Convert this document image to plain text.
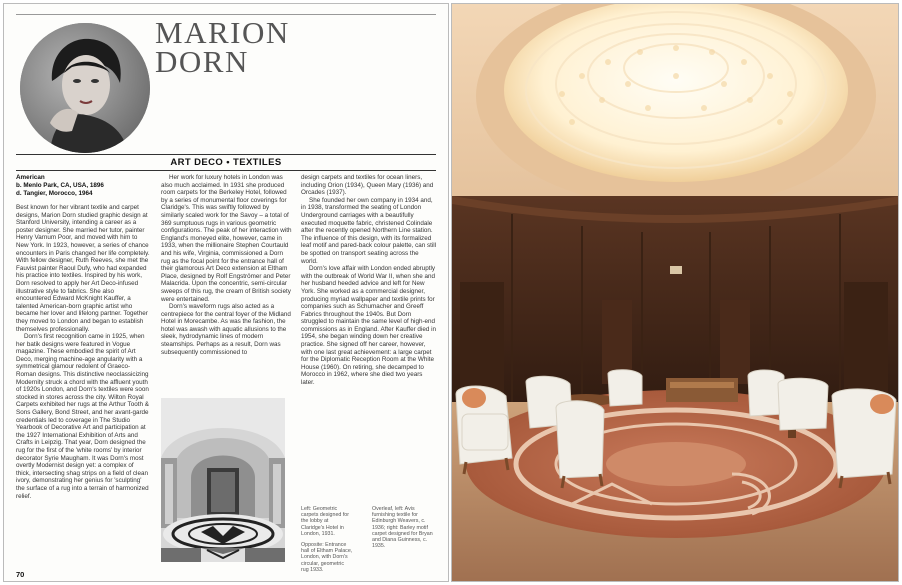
MARION
DORN
ART DECO • TEXTILES
American
b. Menlo Park, CA, USA, 1896
d. Tangier, Morocco, 1964

Best known for her vibrant textile and carpet designs, Marion Dorn studied graphic design at Stanford University, intending a career as a poster designer. She married her tutor, painter Henry Varnum Poor, and moved with him to New York. In 1923, however, a series of chance encounters in Paris changed her life completely. With fellow designer, Ruth Reeves, she met the Fauvist painter Raoul Dufy, who had expanded his practice into textiles. Inspired by his work, Dorn resolved to apply her Art Deco-infused illustrative style to fabrics. She also encountered Edward McKnight Kauffer, a talented American-born graphic artist who became her lover and lifelong partner. Together they moved to London and began to establish themselves professionally.

Dorn's first recognition came in 1925, when her batik designs were featured in Vogue magazine. These embodied the spirit of Art Deco, merging machine-age angularity with a symmetrical glamour redolent of Graeco-Roman designs. This distinctive neoclassicizing Modernity struck a chord with the affluent youth of 1920s London, and Dorn's textiles were soon stocked in stores across the city. Wilton Royal Carpets exhibited her rugs at the Arthur Tooth & Sons Gallery, Bond Street, and her avant-garde credentials led to coverage in The Studio Yearbook of Decorative Art and participation at the 1927 International Exhibition of Arts and Crafts in Leipzig. That year, Dorn designed the rug for the first of the 'white rooms' by interior decorator Syrie Maugham. It was Dorn's most overtly Modernist design yet: a complex of thick, intersecting shag strips on a field of clean ivory, demonstrating her genius for 'sculpting' the surface of a rug into a terrain of harmonized relief.

Her work for luxury hotels in London was also much acclaimed. In 1931 she produced room carpets for the Berkeley Hotel, followed by a series of monumental floor coverings for Claridge's. This was swiftly followed by similarly scaled work for the Savoy – a total of 369 sumptuous rugs in various geometric configurations. The peak of her interaction with England's moneyed elite, however, came in 1933, when the millionaire Stephen Courtauld and his wife, Virginia, commissioned a Dorn rug as the focal point for the entrance hall of their glamorous Art Deco extension at Eltham Place, designed by Rolf Engströmer and Peter Malacrida. Upon the concentric, semi-circular sweeps of this rug, the cream of British society were entertained.

Dorn's waveform rugs also acted as a centrepiece for the central foyer of the Midland Hotel in Morecambe. As was the fashion, the hotel was awash with aquatic allusions to the sleek, hydrodynamic lines of modern steamships. Perhaps as a result, Dorn was subsequently commissioned to

design carpets and textiles for ocean liners, including Orion (1934), Queen Mary (1936) and Orcades (1937).

She founded her own company in 1934 and, in 1938, transformed the seating of London Underground carriages with a beautifully executed moquette fabric, christened Colindale after the recently opened Northern Line station. The influence of this design, with its formalized leaf motif and pared-back colour palette, can still be spotted on transport seating across the world.

Dorn's love affair with London ended abruptly with the outbreak of World War II, when she and her husband heeded advice and left for New York. She worked as a commercial designer, producing myriad wallpaper and textile prints for companies such as Schumacher and Greeff Fabrics throughout the 1940s. But Dorn struggled to maintain the same level of high-end commissions as in England. After Kauffer died in 1954, she began winding down her creative practice. She signed off her career, however, with one last great achievement: a large carpet for the Diplomatic Reception Room at the White House (1960). On retiring, she decamped to Morocco in 1962, where she died two years later.

Left: Geometric carpets designed for the lobby at Claridge's Hotel in London, 1931.

Opposite: Entrance hall of Eltham Palace, London, with Dorn's circular, geometric rug 1933.

Overleaf, left: Avis furnishing textile for Edinburgh Weavers, c. 1936; right: Barley motif carpet designed for Bryan and Diana Guinness, c. 1935.

70
